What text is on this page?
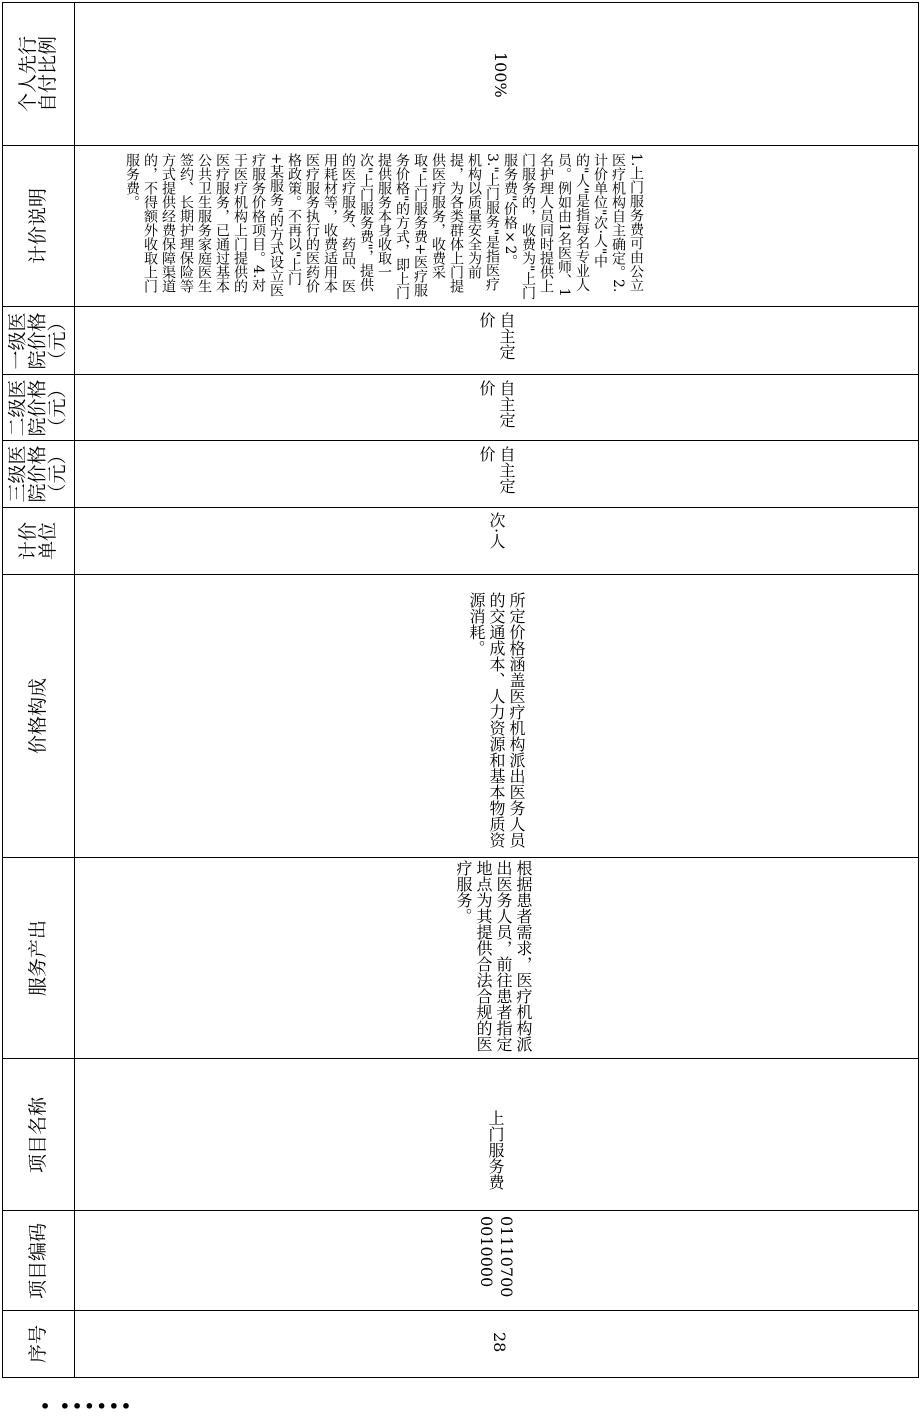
个人先行
自付比例
计价说明
一级医
院价格
（元）
二级医
院价格
（元）
三级医
院价格
（元）
计价
单位
价格构成
服务产出
项目名称
项目编码
序号
100%
1.上门服务费可由公立医疗机构自主确定。2.计价单位"次·人"中的"人"是指每名专业人员。例如由1名医师、1名护理人员同时提供上门服务的，收费为"上门服务费"价格×2。3."上门服务"是指医疗机构以质量安全为前提，为各类群体上门提供医疗服务，收费采取"上门服务费+医疗服务价格"的方式，即上门提供服务本身收取一次"上门服务费"，提供的医疗服务、药品、医用耗材等，收费适用本医疗服务执行的医药价格政策。不再以"上门+某服务"的方式设立医疗服务价格项目。4.对于医疗机构上门提供的医疗服务，已通过基本公共卫生服务家庭医生签约、长期护理保险等方式提供经费保障渠道的，不得额外收取上门服务费。
自主定价
自主定价
自主定价
次·人
所定价格涵盖医疗机构派出医务人员的交通成本、人力资源和基本物质资源消耗。
根据患者需求，医疗机构派出医务人员，前往患者指定地点为其提供合法合规的医疗服务。
上门服务费
011107000010000
28
• ••••••
